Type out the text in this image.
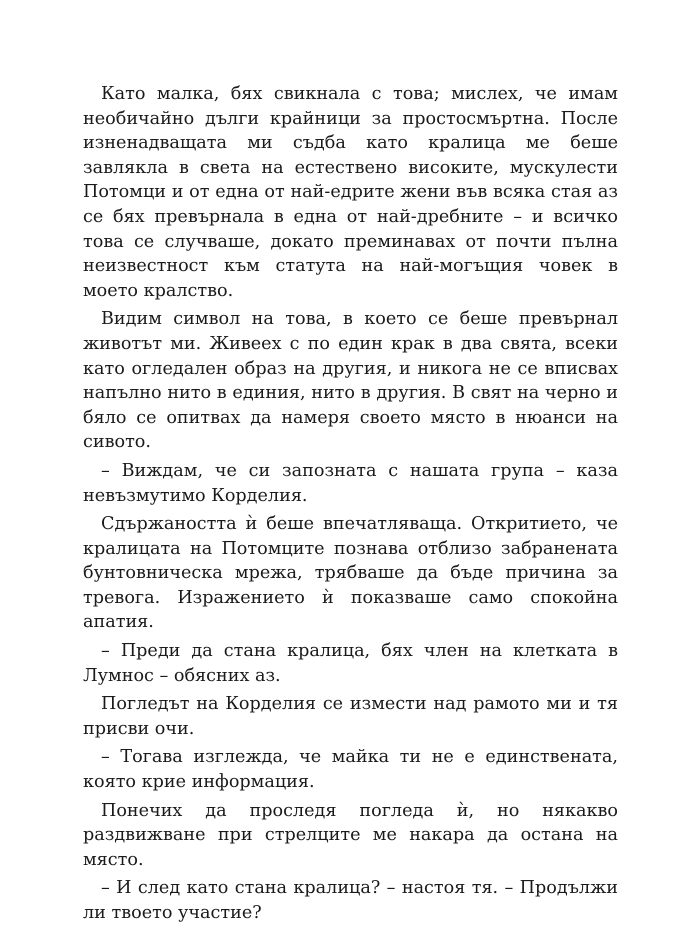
Като малка, бях свикнала с това; мислех, че имам необичайно дълги крайници за простосмъртна. После изненадващата ми съдба като кралица ме беше завлякла в света на естествено високите, мускулести Потомци и от една от най-едрите жени във всяка стая аз се бях превърнала в една от най-дребните – и всичко това се случваше, докато преминавах от почти пълна неизвестност към статута на най-могъщия човек в моето кралство.

Видим символ на това, в което се беше превърнал животът ми. Живеех с по един крак в два свята, всеки като огледален образ на другия, и никога не се вписвах напълно нито в единия, нито в другия. В свят на черно и бяло се опитвах да намеря своето място в нюанси на сивото.

– Виждам, че си запозната с нашата група – каза невъзмутимо Корделия.

Сдържаността ѝ беше впечатляваща. Откритието, че кралицата на Потомците познава отблизо забранената бунтовническа мрежа, трябваше да бъде причина за тревога. Изражението ѝ показваше само спокойна апатия.

– Преди да стана кралица, бях член на клетката в Лумнос – обясних аз.

Погледът на Корделия се измести над рамото ми и тя присви очи.

– Тогава изглежда, че майка ти не е единствената, която крие информация.

Понечих да проследя погледа ѝ, но някакво раздвижване при стрелците ме накара да остана на място.

– И след като стана кралица? – настоя тя. – Продължи ли твоето участие?
